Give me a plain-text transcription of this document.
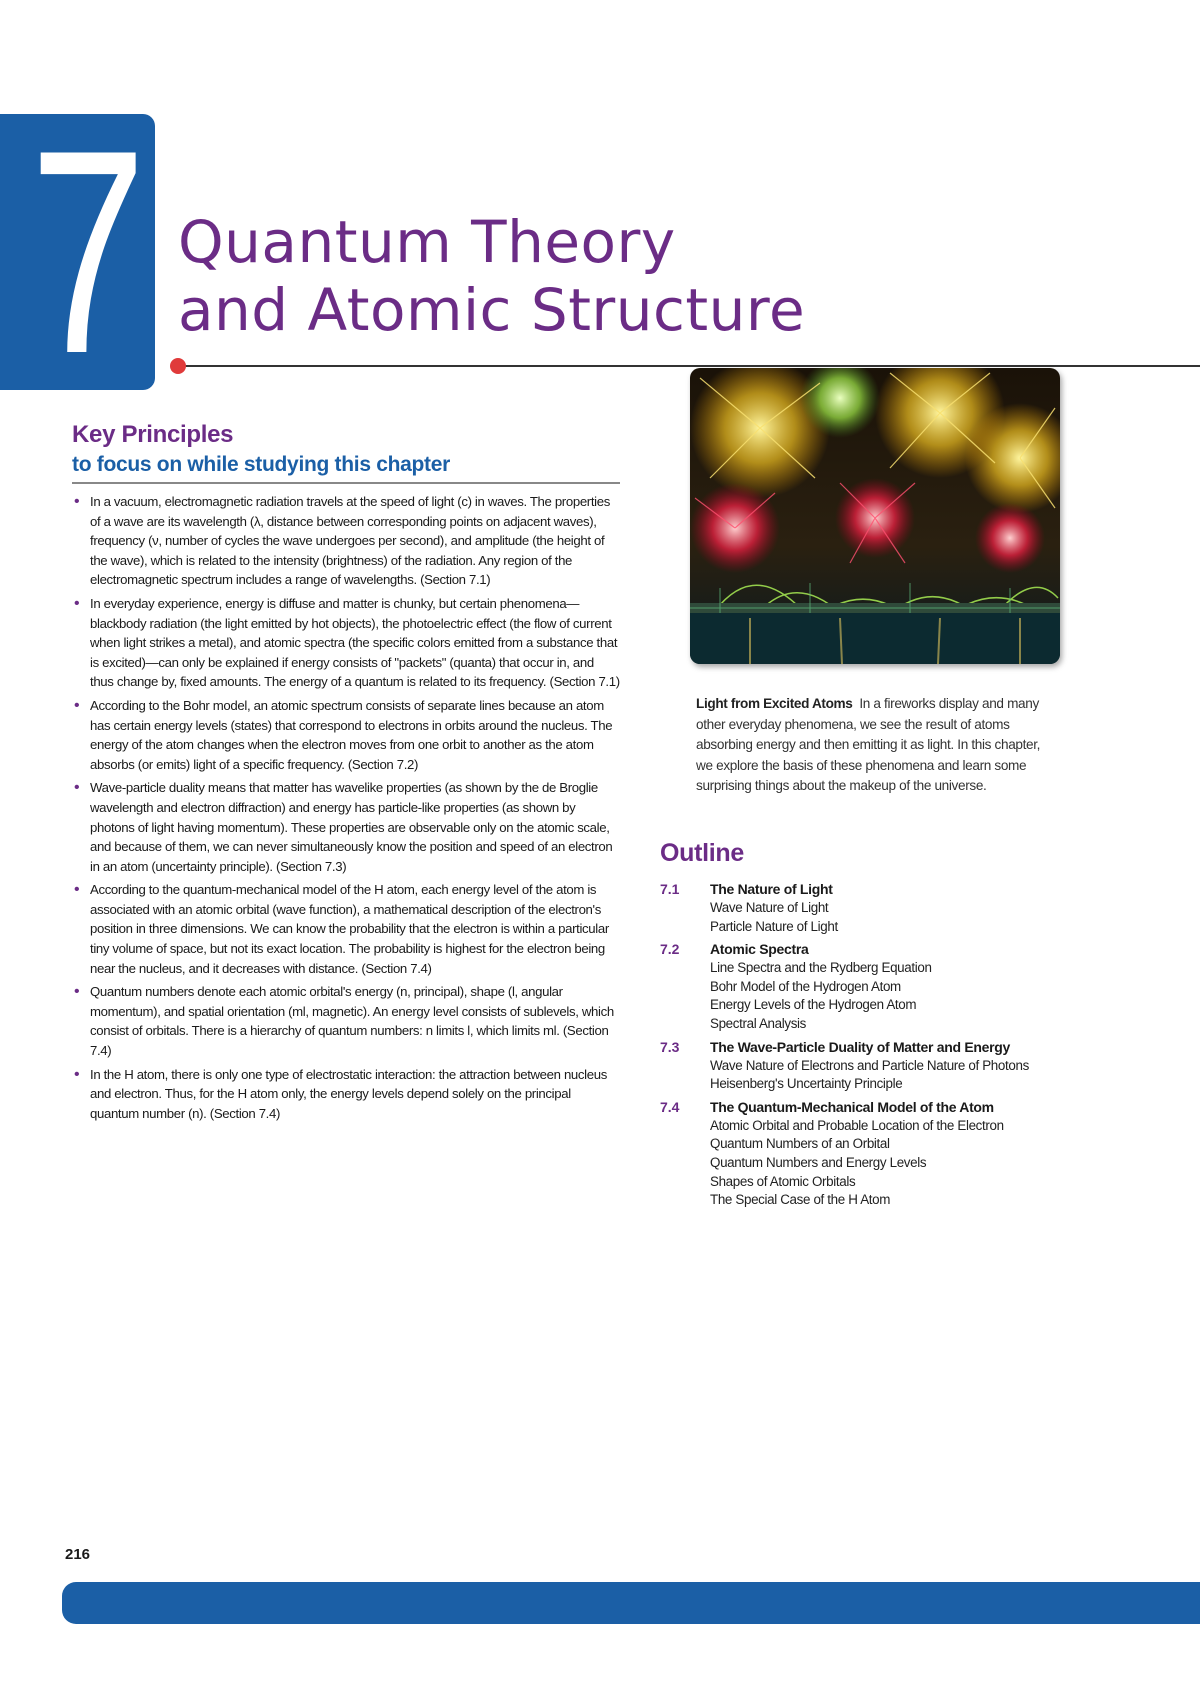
7 Quantum Theory
and Atomic Structure
Key Principles
to focus on while studying this chapter
• In a vacuum, electromagnetic radiation travels at the speed of light (c) in waves. The properties of a wave are its wavelength (λ, distance between corresponding points on adjacent waves), frequency (ν, number of cycles the wave undergoes per second), and amplitude (the height of the wave), which is related to the intensity (brightness) of the radiation. Any region of the electromagnetic spectrum includes a range of wavelengths. (Section 7.1)
• In everyday experience, energy is diffuse and matter is chunky, but certain phenomena—blackbody radiation (the light emitted by hot objects), the photoelectric effect (the flow of current when light strikes a metal), and atomic spectra (the specific colors emitted from a substance that is excited)—can only be explained if energy consists of "packets" (quanta) that occur in, and thus change by, fixed amounts. The energy of a quantum is related to its frequency. (Section 7.1)
• According to the Bohr model, an atomic spectrum consists of separate lines because an atom has certain energy levels (states) that correspond to electrons in orbits around the nucleus. The energy of the atom changes when the electron moves from one orbit to another as the atom absorbs (or emits) light of a specific frequency. (Section 7.2)
• Wave-particle duality means that matter has wavelike properties (as shown by the de Broglie wavelength and electron diffraction) and energy has particle-like properties (as shown by photons of light having momentum). These properties are observable only on the atomic scale, and because of them, we can never simultaneously know the position and speed of an electron in an atom (uncertainty principle). (Section 7.3)
• According to the quantum-mechanical model of the H atom, each energy level of the atom is associated with an atomic orbital (wave function), a mathematical description of the electron's position in three dimensions. We can know the probability that the electron is within a particular tiny volume of space, but not its exact location. The probability is highest for the electron being near the nucleus, and it decreases with distance. (Section 7.4)
• Quantum numbers denote each atomic orbital's energy (n, principal), shape (l, angular momentum), and spatial orientation (ml, magnetic). An energy level consists of sublevels, which consist of orbitals. There is a hierarchy of quantum numbers: n limits l, which limits ml. (Section 7.4)
• In the H atom, there is only one type of electrostatic interaction: the attraction between nucleus and electron. Thus, for the H atom only, the energy levels depend solely on the principal quantum number (n). (Section 7.4)
Light from Excited Atoms In a fireworks display and many other everyday phenomena, we see the result of atoms absorbing energy and then emitting it as light. In this chapter, we explore the basis of these phenomena and learn some surprising things about the makeup of the universe.
Outline
7.1	The Nature of Light
Wave Nature of Light
Particle Nature of Light
7.2	Atomic Spectra
Line Spectra and the Rydberg Equation
Bohr Model of the Hydrogen Atom
Energy Levels of the Hydrogen Atom
Spectral Analysis
7.3	The Wave-Particle Duality of Matter and Energy
Wave Nature of Electrons and Particle Nature of Photons
Heisenberg's Uncertainty Principle
7.4	The Quantum-Mechanical Model of the Atom
Atomic Orbital and Probable Location of the Electron
Quantum Numbers of an Orbital
Quantum Numbers and Energy Levels
Shapes of Atomic Orbitals
The Special Case of the H Atom
216
